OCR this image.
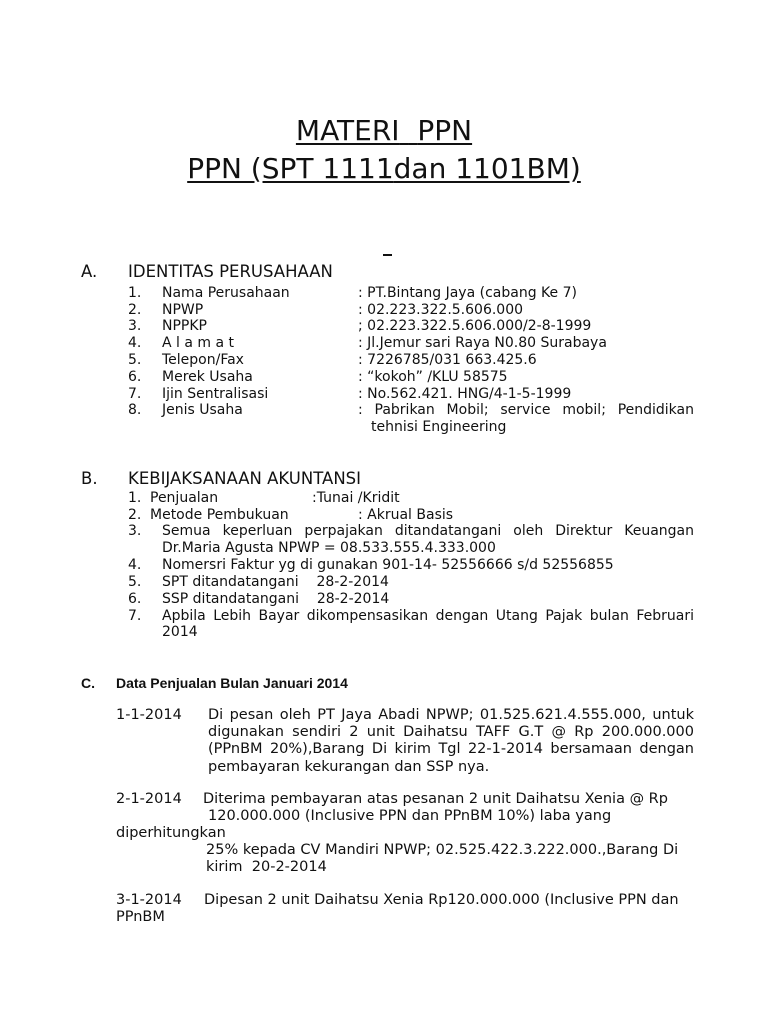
MATERI PPN
PPN (SPT 1111dan 1101BM)
A. IDENTITAS PERUSAHAAN
1. Nama Perusahaan	: PT.Bintang Jaya (cabang Ke 7)
2. NPWP	: 02.223.322.5.606.000
3. NPPKP	; 02.223.322.5.606.000/2-8-1999
4. A l a m a t	: Jl.Jemur sari Raya N0.80 Surabaya
5. Telepon/Fax	: 7226785/031 663.425.6
6. Merek Usaha	: “kokoh” /KLU 58575
7. Ijin Sentralisasi	: No.562.421. HNG/4-1-5-1999
8. Jenis Usaha	: Pabrikan Mobil; service mobil; Pendidikan
tehnisi Engineering
B. KEBIJAKSANAAN AKUNTANSI
1. Penjualan	:Tunai /Kridit
2. Metode Pembukuan	: Akrual Basis
3. Semua keperluan perpajakan ditandatangani oleh Direktur Keuangan
Dr.Maria Agusta NPWP = 08.533.555.4.333.000
4. Nomersri Faktur yg di gunakan 901-14- 52556666 s/d 52556855
5. SPT ditandatangani    28-2-2014
6. SSP ditandatangani    28-2-2014
7. Apbila Lebih Bayar dikompensasikan dengan Utang Pajak bulan Februari
2014
C. Data Penjualan Bulan Januari 2014
1-1-2014 Di pesan oleh PT Jaya Abadi NPWP; 01.525.621.4.555.000, untuk
digunakan sendiri 2 unit Daihatsu TAFF G.T @ Rp 200.000.000
(PPnBM 20%),Barang Di kirim Tgl 22-1-2014 bersamaan dengan
pembayaran kekurangan dan SSP nya.
2-1-2014 Diterima pembayaran atas pesanan 2 unit Daihatsu Xenia @ Rp
120.000.000 (Inclusive PPN dan PPnBM 10%) laba yang
diperhitungkan
25% kepada CV Mandiri NPWP; 02.525.422.3.222.000.,Barang Di
kirim  20-2-2014
3-1-2014 Dipesan 2 unit Daihatsu Xenia Rp120.000.000 (Inclusive PPN dan
PPnBM
